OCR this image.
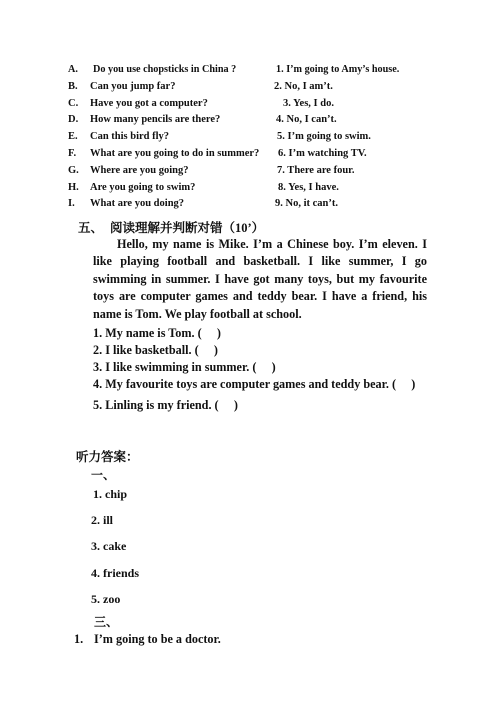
A. Do you use chopsticks in China ?	1. I’m going to Amy’s house.
B. Can you jump far?	2. No, I am’t.
C. Have you got a computer?	3. Yes, I do.
D. How many pencils are there?	4. No, I can’t.
E. Can this bird fly?	5. I’m going to swim.
F. What are you going to do in summer? 6. I’m watching TV.
G. Where are you going?	7. There are four.
H. Are you going to swim?	8. Yes, I have.
I. What are you doing?	9. No, it can’t.
五、 阅读理解并判断对错（10’）
Hello, my name is Mike. I’m a Chinese boy. I’m eleven. I like playing football and basketball. I like summer, I go swimming in summer. I have got many toys, but my favourite toys are computer games and teddy bear. I have a friend, his name is Tom. We play football at school.
1. My name is Tom. (　 )
2. I like basketball. (　 )
3. I like swimming in summer. (　 )
4. My favourite toys are computer games and teddy bear. (　 )
5. Linling is my friend. (　 )
听力答案：
一、
1. chip
2. ill
3. cake
4. friends
5. zoo
三、
1. I’m going to be a doctor.
